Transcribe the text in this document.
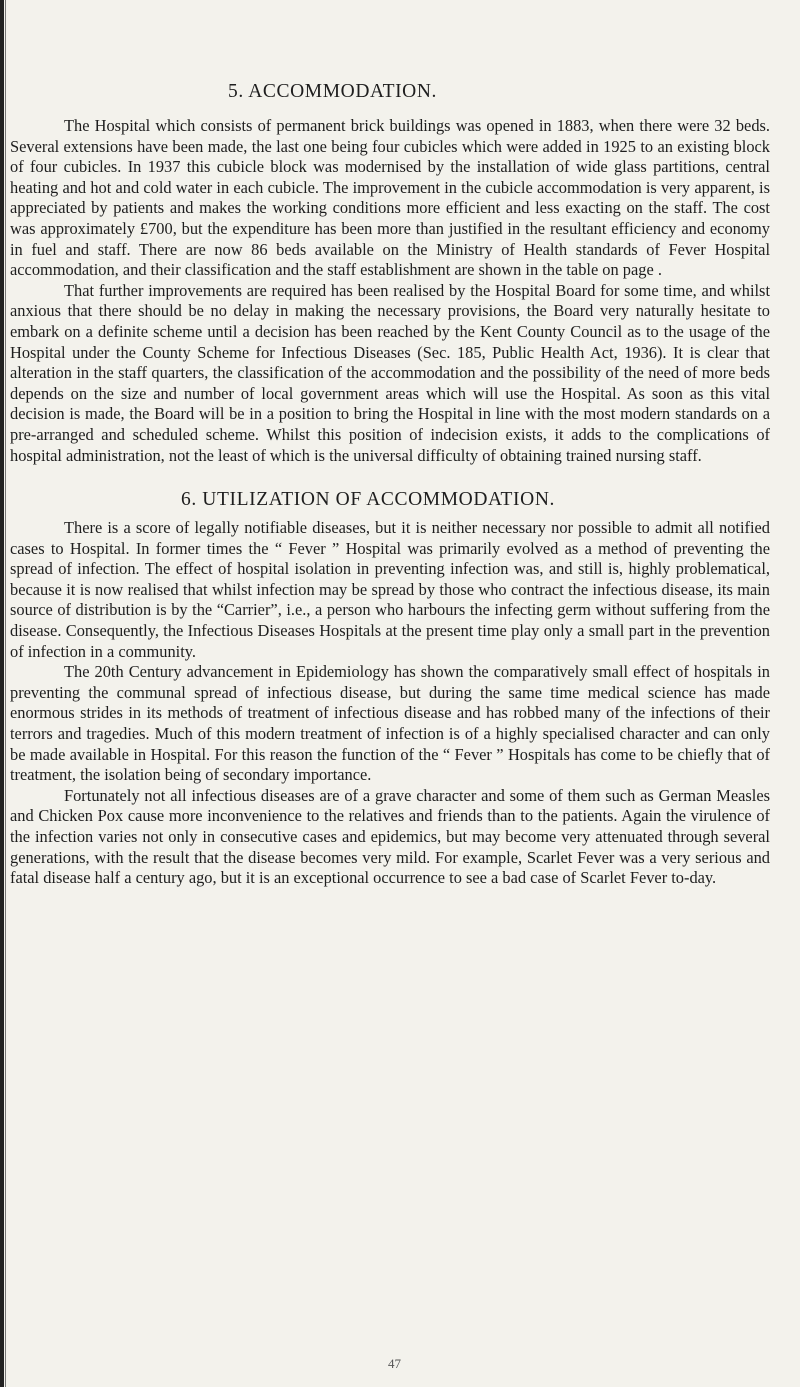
5. ACCOMMODATION.

The Hospital which consists of permanent brick buildings was opened in 1883, when there were 32 beds. Several extensions have been made, the last one being four cubicles which were added in 1925 to an existing block of four cubicles. In 1937 this cubicle block was modernised by the installation of wide glass partitions, central heating and hot and cold water in each cubicle. The improvement in the cubicle accommodation is very apparent, is appreciated by patients and makes the working conditions more efficient and less exacting on the staff. The cost was approximately £700, but the expenditure has been more than justified in the resultant efficiency and economy in fuel and staff. There are now 86 beds available on the Ministry of Health standards of Fever Hospital accommodation, and their classification and the staff establishment are shown in the table on page .

That further improvements are required has been realised by the Hospital Board for some time, and whilst anxious that there should be no delay in making the necessary provisions, the Board very naturally hesitate to embark on a definite scheme until a decision has been reached by the Kent County Council as to the usage of the Hospital under the County Scheme for Infectious Diseases (Sec. 185, Public Health Act, 1936). It is clear that alteration in the staff quarters, the classification of the accommodation and the possibility of the need of more beds depends on the size and number of local government areas which will use the Hospital. As soon as this vital decision is made, the Board will be in a position to bring the Hospital in line with the most modern standards on a pre-arranged and scheduled scheme. Whilst this position of indecision exists, it adds to the complications of hospital administration, not the least of which is the universal difficulty of obtaining trained nursing staff.

6. UTILIZATION OF ACCOMMODATION.

There is a score of legally notifiable diseases, but it is neither necessary nor possible to admit all notified cases to Hospital. In former times the “ Fever ” Hospital was primarily evolved as a method of preventing the spread of infection. The effect of hospital isolation in preventing infection was, and still is, highly problematical, because it is now realised that whilst infection may be spread by those who contract the infectious disease, its main source of distribution is by the “Carrier”, i.e., a person who harbours the infecting germ without suffering from the disease. Consequently, the Infectious Diseases Hospitals at the present time play only a small part in the prevention of infection in a community.

The 20th Century advancement in Epidemiology has shown the comparatively small effect of hospitals in preventing the communal spread of infectious disease, but during the same time medical science has made enormous strides in its methods of treatment of infectious disease and has robbed many of the infections of their terrors and tragedies. Much of this modern treatment of infection is of a highly specialised character and can only be made available in Hospital. For this reason the function of the “ Fever ” Hospitals has come to be chiefly that of treatment, the isolation being of secondary importance.

Fortunately not all infectious diseases are of a grave character and some of them such as German Measles and Chicken Pox cause more inconvenience to the relatives and friends than to the patients. Again the virulence of the infection varies not only in consecutive cases and epidemics, but may become very attenuated through several generations, with the result that the disease becomes very mild. For example, Scarlet Fever was a very serious and fatal disease half a century ago, but it is an exceptional occurrence to see a bad case of Scarlet Fever to-day.

47
